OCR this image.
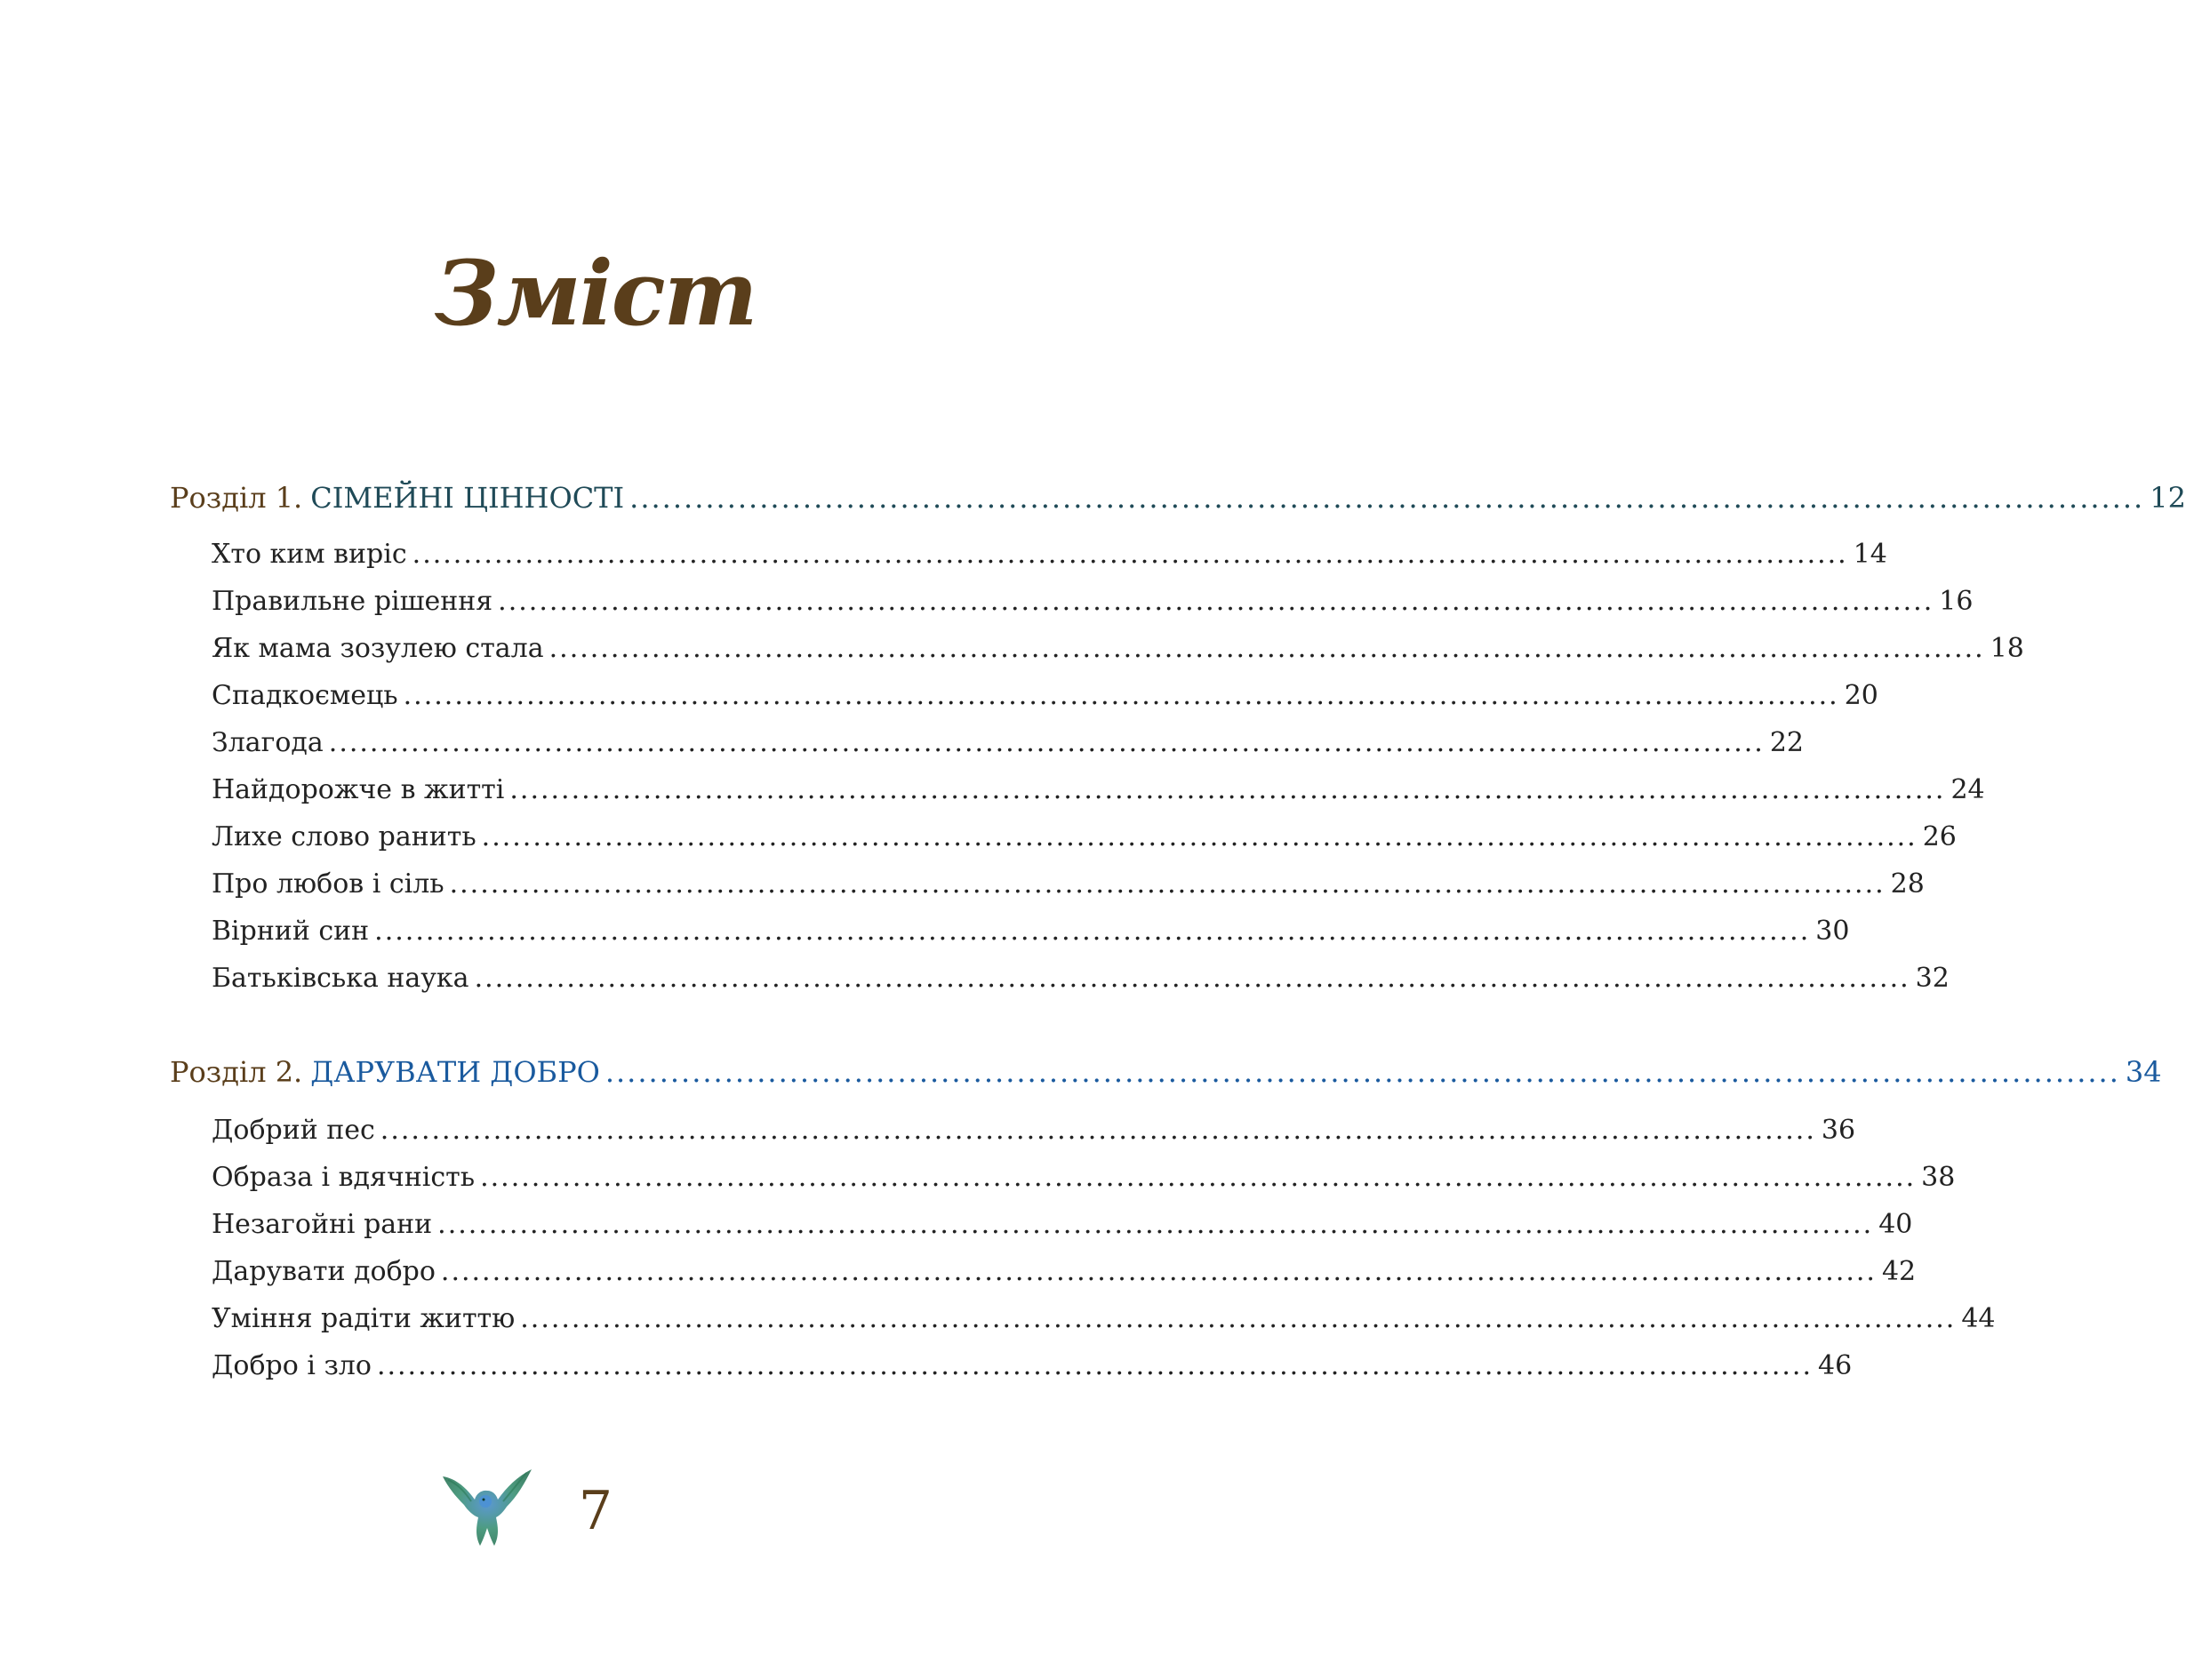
Зміст
Розділ 1. СІМЕЙНІ ЦІННОСТІ ............................................................................................................................................ 12
Хто ким виріс ............................................................................................................................................ 14
Правильне рішення ............................................................................................................................................ 16
Як мама зозулею стала ............................................................................................................................................ 18
Спадкоємець ............................................................................................................................................ 20
Злагода ............................................................................................................................................ 22
Найдорожче в житті ............................................................................................................................................ 24
Лихе слово ранить ............................................................................................................................................ 26
Про любов і сіль ............................................................................................................................................ 28
Вірний син ............................................................................................................................................ 30
Батьківська наука ............................................................................................................................................ 32
Розділ 2. ДАРУВАТИ ДОБРО ............................................................................................................................................ 34
Добрий пес ............................................................................................................................................ 36
Образа і вдячність ............................................................................................................................................ 38
Незагойні рани ............................................................................................................................................ 40
Дарувати добро ............................................................................................................................................ 42
Уміння радіти життю ............................................................................................................................................ 44
Добро і зло ............................................................................................................................................ 46
7
